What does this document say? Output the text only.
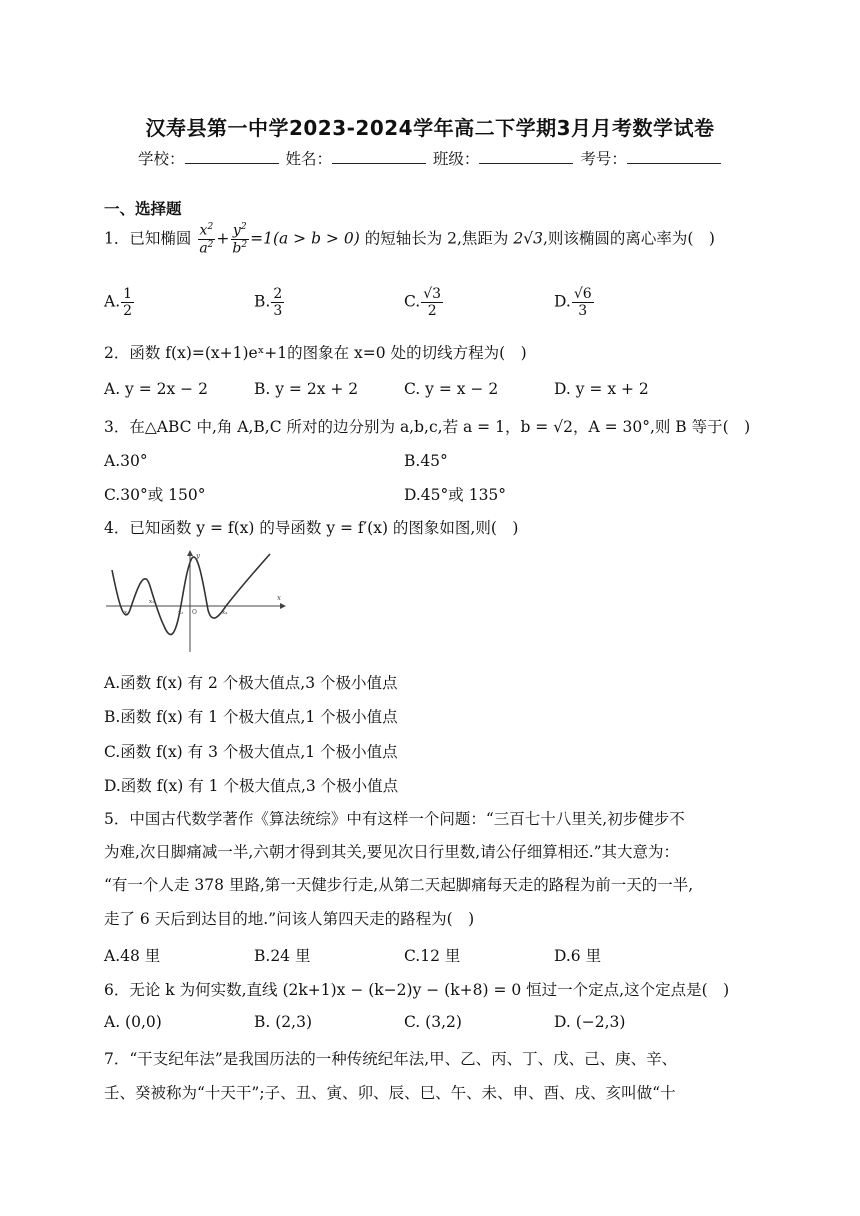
汉寿县第一中学2023-2024学年高二下学期3月月考数学试卷
学校：	姓名：	班级：	考号：
一、选择题
1．已知椭圆 $\frac{x^2}{a^2} + \frac{y^2}{b^2} =1(a > b > 0)$ 的短轴长为 2,焦距为 2√3,则该椭圆的离心率为(　)
A. $\frac{1}{2}$	B. $\frac{2}{3}$	C. $\frac{√3}{2}$	D. $\frac{√6}{3}$
2．函数 f(x)=(x+1)eˣ+1的图象在 x=0 处的切线方程为(　)
A. y = 2x − 2	B. y = 2x + 2	C. y = x − 2	D. y = x + 2
3．在△ABC 中,角 A,B,C 所对的边分别为 a,b,c,若 a = 1，b = √2，A = 30°,则 B 等于(　)
A.30°	B.45°
C.30°或 150°	D.45°或 135°
4．已知函数 y = f(x) 的导函数 y = f′(x) 的图象如图,则(　)
y
x
O
x₁
x₂
x₃	x₄
A.函数 f(x) 有 2 个极大值点,3 个极小值点
B.函数 f(x) 有 1 个极大值点,1 个极小值点
C.函数 f(x) 有 3 个极大值点,1 个极小值点
D.函数 f(x) 有 1 个极大值点,3 个极小值点
5．中国古代数学著作《算法统综》中有这样一个问题：“三百七十八里关,初步健步不
为难,次日脚痛减一半,六朝才得到其关,要见次日行里数,请公仔细算相还.”其大意为：
“有一个人走 378 里路,第一天健步行走,从第二天起脚痛每天走的路程为前一天的一半,
走了 6 天后到达目的地.”问该人第四天走的路程为(　)
A.48 里	B.24 里	C.12 里	D.6 里
6．无论 k 为何实数,直线 (2k+1)x − (k−2)y − (k+8) = 0 恒过一个定点,这个定点是(　)
A. (0,0)	B. (2,3)	C. (3,2)	D. (−2,3)
7．“干支纪年法”是我国历法的一种传统纪年法,甲、乙、丙、丁、戊、己、庚、辛、
壬、癸被称为“十天干”;子、丑、寅、卯、辰、巳、午、未、申、酉、戌、亥叫做“十
